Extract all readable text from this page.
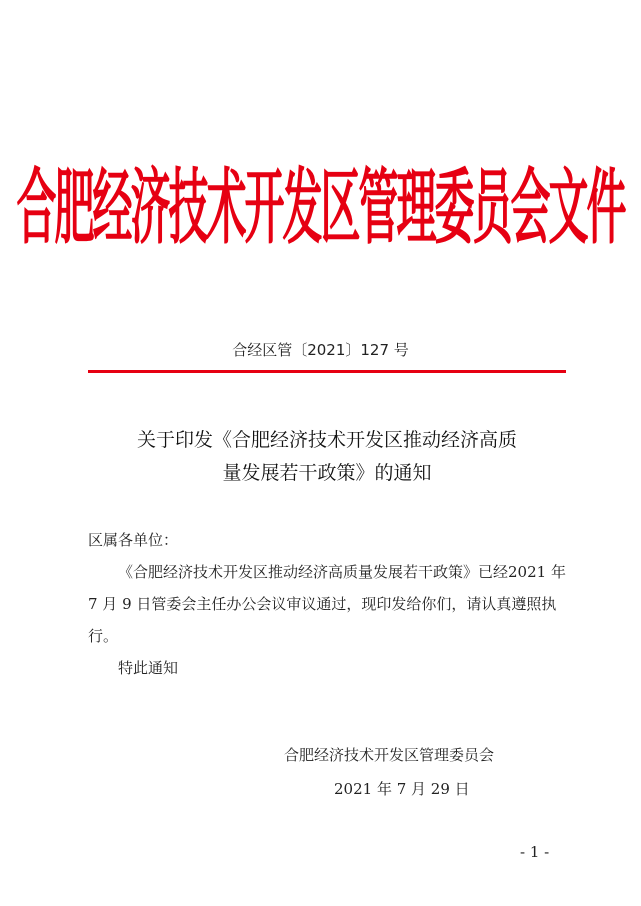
合肥经济技术开发区管理委员会文件
合经区管〔2021〕127 号
关于印发《合肥经济技术开发区推动经济高质
量发展若干政策》的通知

区属各单位：

《合肥经济技术开发区推动经济高质量发展若干政策》已经2021 年 7 月 9 日管委会主任办公会议审议通过，现印发给你们，请认真遵照执行。

特此通知

合肥经济技术开发区管理委员会
2021 年 7 月 29 日
- 1 -
